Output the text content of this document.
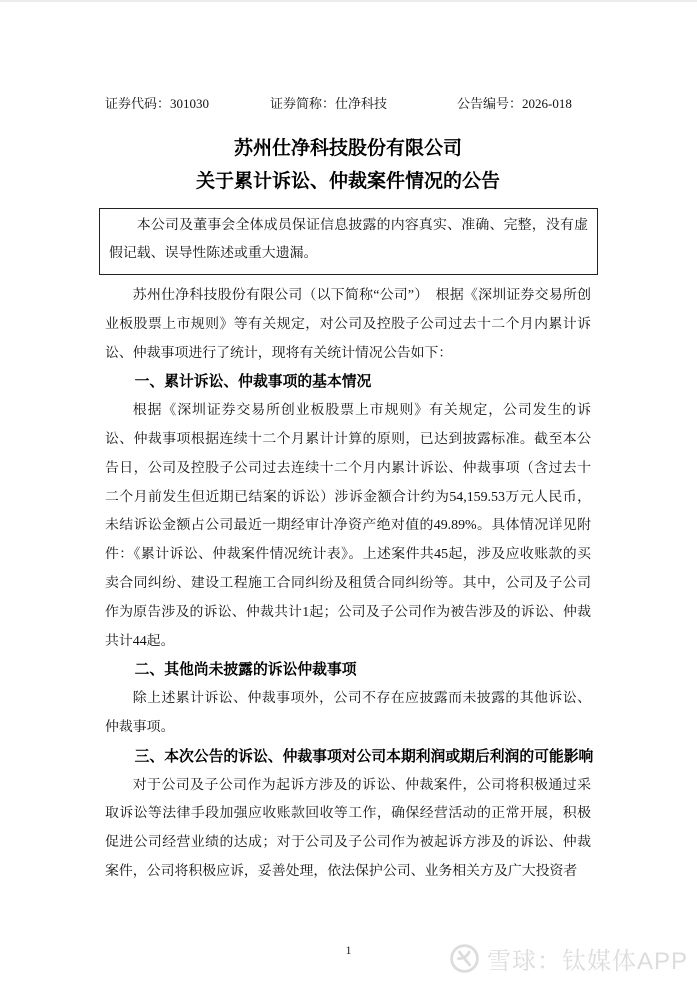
证券代码：301030	证券简称：仕净科技	公告编号：2026-018
苏州仕净科技股份有限公司
关于累计诉讼、仲裁案件情况的公告
本公司及董事会全体成员保证信息披露的内容真实、准确、完整，没有虚假记载、误导性陈述或重大遗漏。

苏州仕净科技股份有限公司（以下简称“公司”）　根据《深圳证券交易所创业板股票上市规则》等有关规定，对公司及控股子公司过去十二个月内累计诉讼、仲裁事项进行了统计，现将有关统计情况公告如下：

一、累计诉讼、仲裁事项的基本情况

根据《深圳证券交易所创业板股票上市规则》有关规定，公司发生的诉讼、仲裁事项根据连续十二个月累计计算的原则，已达到披露标准。截至本公告日，公司及控股子公司过去连续十二个月内累计诉讼、仲裁事项（含过去十二个月前发生但近期已结案的诉讼）涉诉金额合计约为54,159.53万元人民币，未结诉讼金额占公司最近一期经审计净资产绝对值的49.89%。具体情况详见附件：《累计诉讼、仲裁案件情况统计表》。上述案件共45起，涉及应收账款的买卖合同纠纷、建设工程施工合同纠纷及租赁合同纠纷等。其中，公司及子公司作为原告涉及的诉讼、仲裁共计1起；公司及子公司作为被告涉及的诉讼、仲裁共计44起。

二、其他尚未披露的诉讼仲裁事项

除上述累计诉讼、仲裁事项外，公司不存在应披露而未披露的其他诉讼、仲裁事项。

三、本次公告的诉讼、仲裁事项对公司本期利润或期后利润的可能影响

对于公司及子公司作为起诉方涉及的诉讼、仲裁案件，公司将积极通过采取诉讼等法律手段加强应收账款回收等工作，确保经营活动的正常开展，积极促进公司经营业绩的达成；对于公司及子公司作为被起诉方涉及的诉讼、仲裁案件，公司将积极应诉，妥善处理，依法保护公司、业务相关方及广大投资者

1	雪球：钛媒体APP
